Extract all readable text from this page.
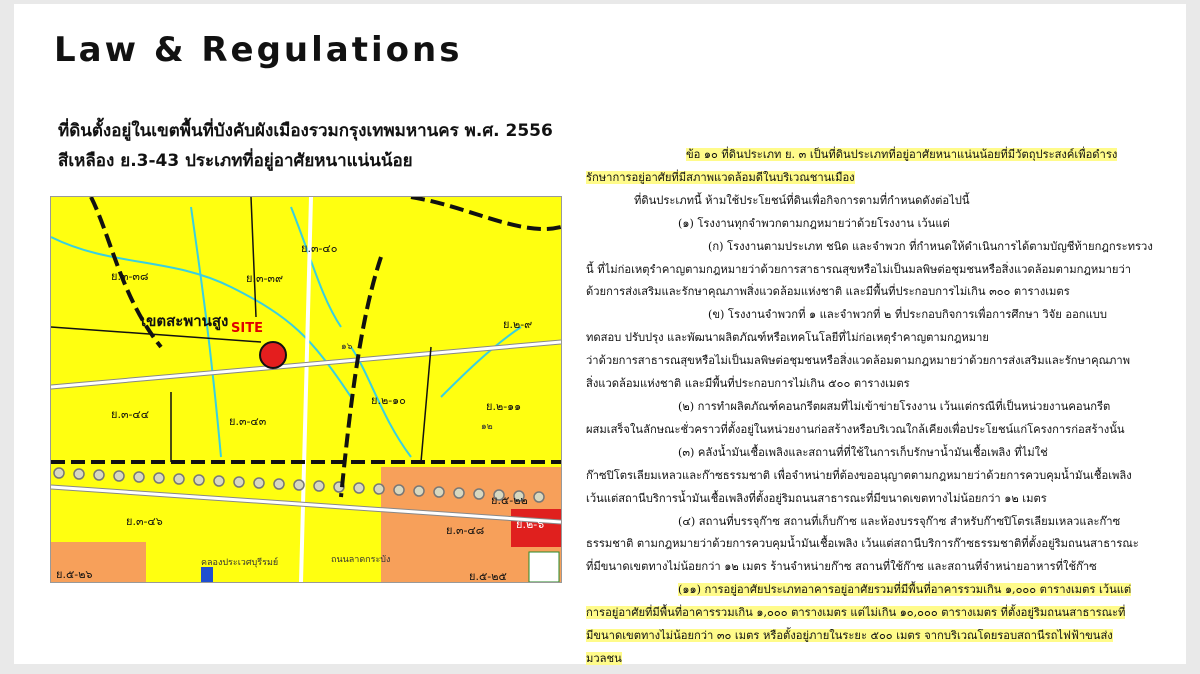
Law & Regulations
ที่ดินตั้งอยู่ในเขตพื้นที่บังคับผังเมืองรวมกรุงเทพมหานคร พ.ศ. 2556
สีเหลือง ย.3-43 ประเภทที่อยู่อาศัยหนาแน่นน้อย
ย.๓-๓๘
ย.๓-๔๐
ย.๓-๓๙
ย.๒-๙
ย.๓-๔๔
ย.๓-๔๓
ย.๒-๑๐	ย.๒-๑๑
ย.๓-๔๖
ย.๓-๔๘
ย.๕-๒๒
ย.๕-๒๕
ย.๕-๒๖
ย.๒-๖
ถนนลาดกระบัง
คลองประเวศบุรีรมย์
๑๒
๑๖
เขตสะพานสูง SITE

ข้อ ๑๐ ที่ดินประเภท ย. ๓ เป็นที่ดินประเภทที่อยู่อาศัยหนาแน่นน้อยที่มีวัตถุประสงค์เพื่อดำรง

รักษาการอยู่อาศัยที่มีสภาพแวดล้อมดีในบริเวณชานเมือง

ที่ดินประเภทนี้ ห้ามใช้ประโยชน์ที่ดินเพื่อกิจการตามที่กำหนดดังต่อไปนี้

(๑) โรงงานทุกจำพวกตามกฎหมายว่าด้วยโรงงาน เว้นแต่

(ก) โรงงานตามประเภท ชนิด และจำพวก ที่กำหนดให้ดำเนินการได้ตามบัญชีท้ายกฎกระทรวง

นี้ ที่ไม่ก่อเหตุรำคาญตามกฎหมายว่าด้วยการสาธารณสุขหรือไม่เป็นมลพิษต่อชุมชนหรือสิ่งแวดล้อมตามกฎหมายว่า

ด้วยการส่งเสริมและรักษาคุณภาพสิ่งแวดล้อมแห่งชาติ และมีพื้นที่ประกอบการไม่เกิน ๓๐๐ ตารางเมตร

(ข) โรงงานจำพวกที่ ๑ และจำพวกที่ ๒ ที่ประกอบกิจการเพื่อการศึกษา วิจัย ออกแบบ

ทดสอบ ปรับปรุง และพัฒนาผลิตภัณฑ์หรือเทคโนโลยีที่ไม่ก่อเหตุรำคาญตามกฎหมาย

ว่าด้วยการสาธารณสุขหรือไม่เป็นมลพิษต่อชุมชนหรือสิ่งแวดล้อมตามกฎหมายว่าด้วยการส่งเสริมและรักษาคุณภาพ

สิ่งแวดล้อมแห่งชาติ และมีพื้นที่ประกอบการไม่เกิน ๕๐๐ ตารางเมตร

(๒) การทำผลิตภัณฑ์คอนกรีตผสมที่ไม่เข้าข่ายโรงงาน เว้นแต่กรณีที่เป็นหน่วยงานคอนกรีต

ผสมเสร็จในลักษณะชั่วคราวที่ตั้งอยู่ในหน่วยงานก่อสร้างหรือบริเวณใกล้เคียงเพื่อประโยชน์แก่โครงการก่อสร้างนั้น

(๓) คลังน้ำมันเชื้อเพลิงและสถานที่ที่ใช้ในการเก็บรักษาน้ำมันเชื้อเพลิง ที่ไม่ใช่

ก๊าซปิโตรเลียมเหลวและก๊าซธรรมชาติ เพื่อจำหน่ายที่ต้องขออนุญาตตามกฎหมายว่าด้วยการควบคุมน้ำมันเชื้อเพลิง

เว้นแต่สถานีบริการน้ำมันเชื้อเพลิงที่ตั้งอยู่ริมถนนสาธารณะที่มีขนาดเขตทางไม่น้อยกว่า ๑๒ เมตร

(๔) สถานที่บรรจุก๊าซ สถานที่เก็บก๊าซ และห้องบรรจุก๊าซ สำหรับก๊าซปิโตรเลียมเหลวและก๊าซ

ธรรมชาติ ตามกฎหมายว่าด้วยการควบคุมน้ำมันเชื้อเพลิง เว้นแต่สถานีบริการก๊าซธรรมชาติที่ตั้งอยู่ริมถนนสาธารณะ

ที่มีขนาดเขตทางไม่น้อยกว่า ๑๒ เมตร ร้านจำหน่ายก๊าซ สถานที่ใช้ก๊าซ และสถานที่จำหน่ายอาหารที่ใช้ก๊าซ

(๑๑) การอยู่อาศัยประเภทอาคารอยู่อาศัยรวมที่มีพื้นที่อาคารรวมเกิน ๑,๐๐๐ ตารางเมตร เว้นแต่

การอยู่อาศัยที่มีพื้นที่อาคารรวมเกิน ๑,๐๐๐ ตารางเมตร แต่ไม่เกิน ๑๐,๐๐๐ ตารางเมตร ที่ตั้งอยู่ริมถนนสาธารณะที่

มีขนาดเขตทางไม่น้อยกว่า ๓๐ เมตร หรือตั้งอยู่ภายในระยะ ๕๐๐ เมตร จากบริเวณโดยรอบสถานีรถไฟฟ้าขนส่ง

มวลชน
